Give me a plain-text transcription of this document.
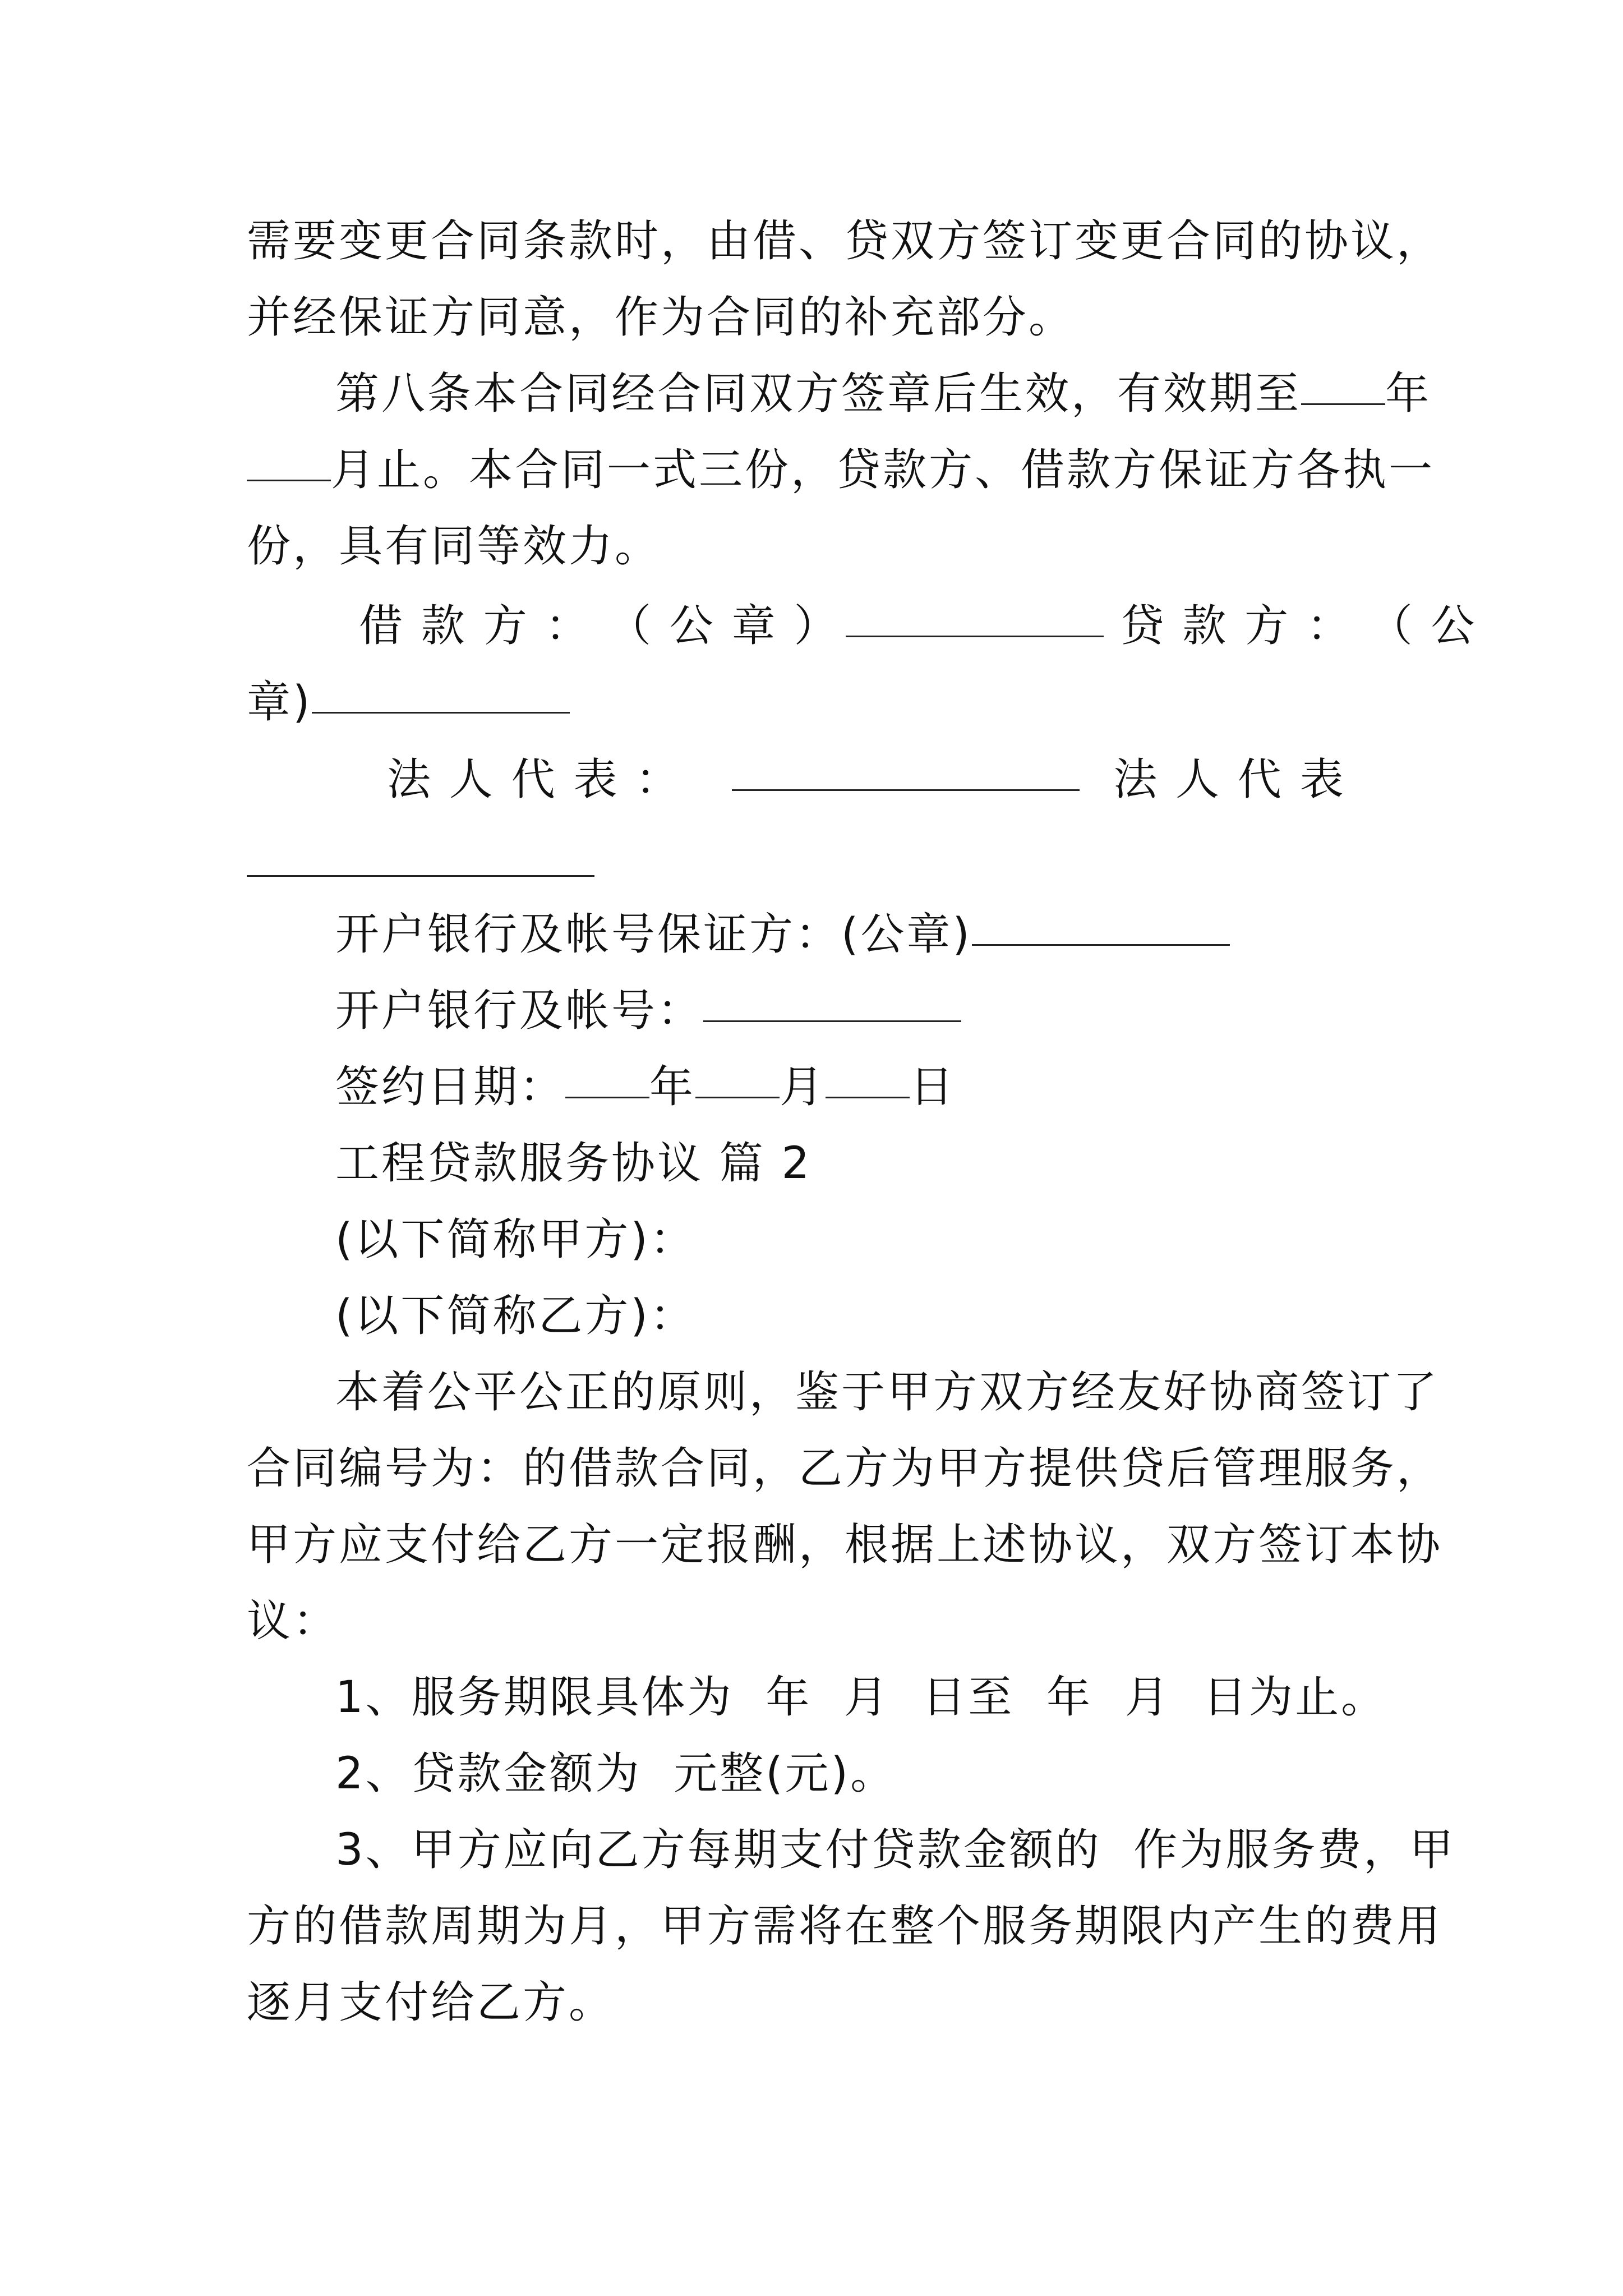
需要变更合同条款时，由借、贷双方签订变更合同的协议，
并经保证方同意，作为合同的补充部分。
第八条本合同经合同双方签章后生效，有效期至 年
月止。本合同一式三份，贷款方、借款方保证方各执一
份，具有同等效力。
借 款 方 ： （ 公 章 ）	贷 款 方 ： （ 公
章)
法 人 代 表 ：	法 人 代 表
开户银行及帐号保证方：(公章)
开户银行及帐号：
签约日期： 年 月 日
工程贷款服务协议 篇 2
(以下简称甲方)：
(以下简称乙方)：
本着公平公正的原则，鉴于甲方双方经友好协商签订了
合同编号为：的借款合同，乙方为甲方提供贷后管理服务，
甲方应支付给乙方一定报酬，根据上述协议，双方签订本协
议：
1、服务期限具体为  年  月  日至  年  月  日为止。
2、贷款金额为  元整(元)。
3、甲方应向乙方每期支付贷款金额的  作为服务费，甲
方的借款周期为月，甲方需将在整个服务期限内产生的费用
逐月支付给乙方。
